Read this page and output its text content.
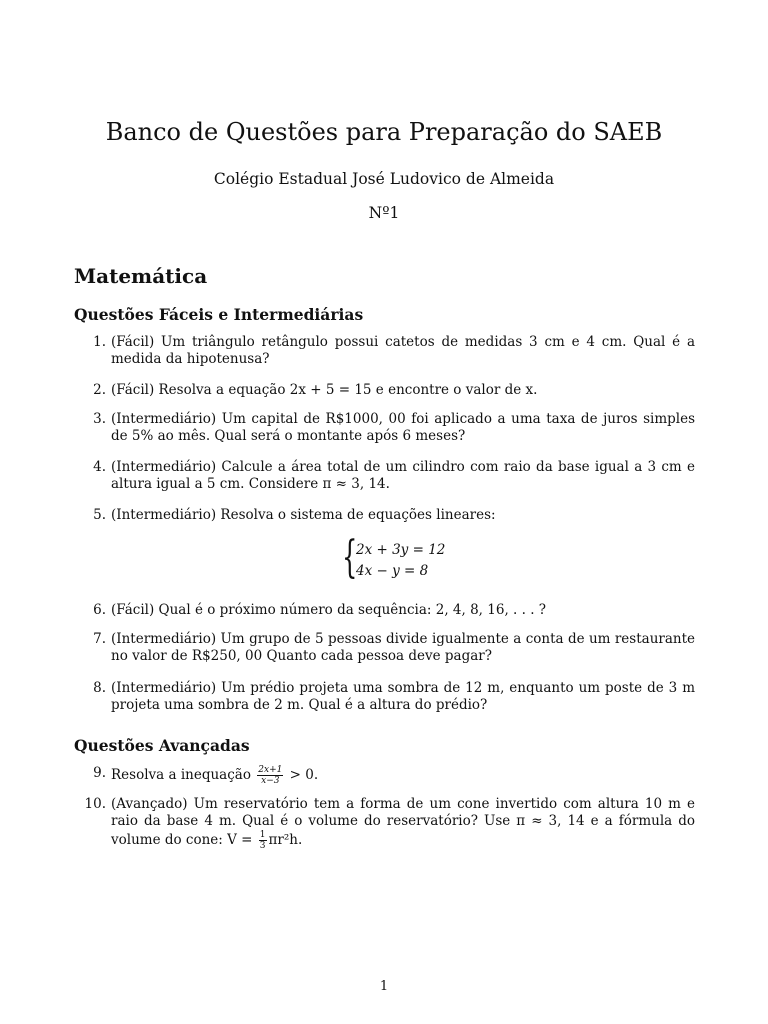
Banco de Questões para Preparação do SAEB
Colégio Estadual José Ludovico de Almeida
Nº1
Matemática
Questões Fáceis e Intermediárias
1. (Fácil) Um triângulo retângulo possui catetos de medidas 3 cm e 4 cm. Qual é a medida da hipotenusa?
2. (Fácil) Resolva a equação 2x + 5 = 15 e encontre o valor de x.
3. (Intermediário) Um capital de R$1000, 00 foi aplicado a uma taxa de juros simples de 5% ao mês. Qual será o montante após 6 meses?
4. (Intermediário) Calcule a área total de um cilindro com raio da base igual a 3 cm e altura igual a 5 cm. Considere π ≈ 3, 14.
5. (Intermediário) Resolva o sistema de equações lineares:
{
2x + 3y = 12
4x − y = 8
6. (Fácil) Qual é o próximo número da sequência: 2, 4, 8, 16, . . . ?
7. (Intermediário) Um grupo de 5 pessoas divide igualmente a conta de um restaurante no valor de R$250, 00 Quanto cada pessoa deve pagar?
8. (Intermediário) Um prédio projeta uma sombra de 12 m, enquanto um poste de 3 m projeta uma sombra de 2 m. Qual é a altura do prédio?
Questões Avançadas
9. Resolva a inequação $\frac{2x+1}{x-3} > 0$.
10. (Avançado) Um reservatório tem a forma de um cone invertido com altura 10 m e raio da base 4 m. Qual é o volume do reservatório? Use π ≈ 3, 14 e a fórmula do volume do cone: $V = \frac{1}{3} \pi r^2h$.
1
